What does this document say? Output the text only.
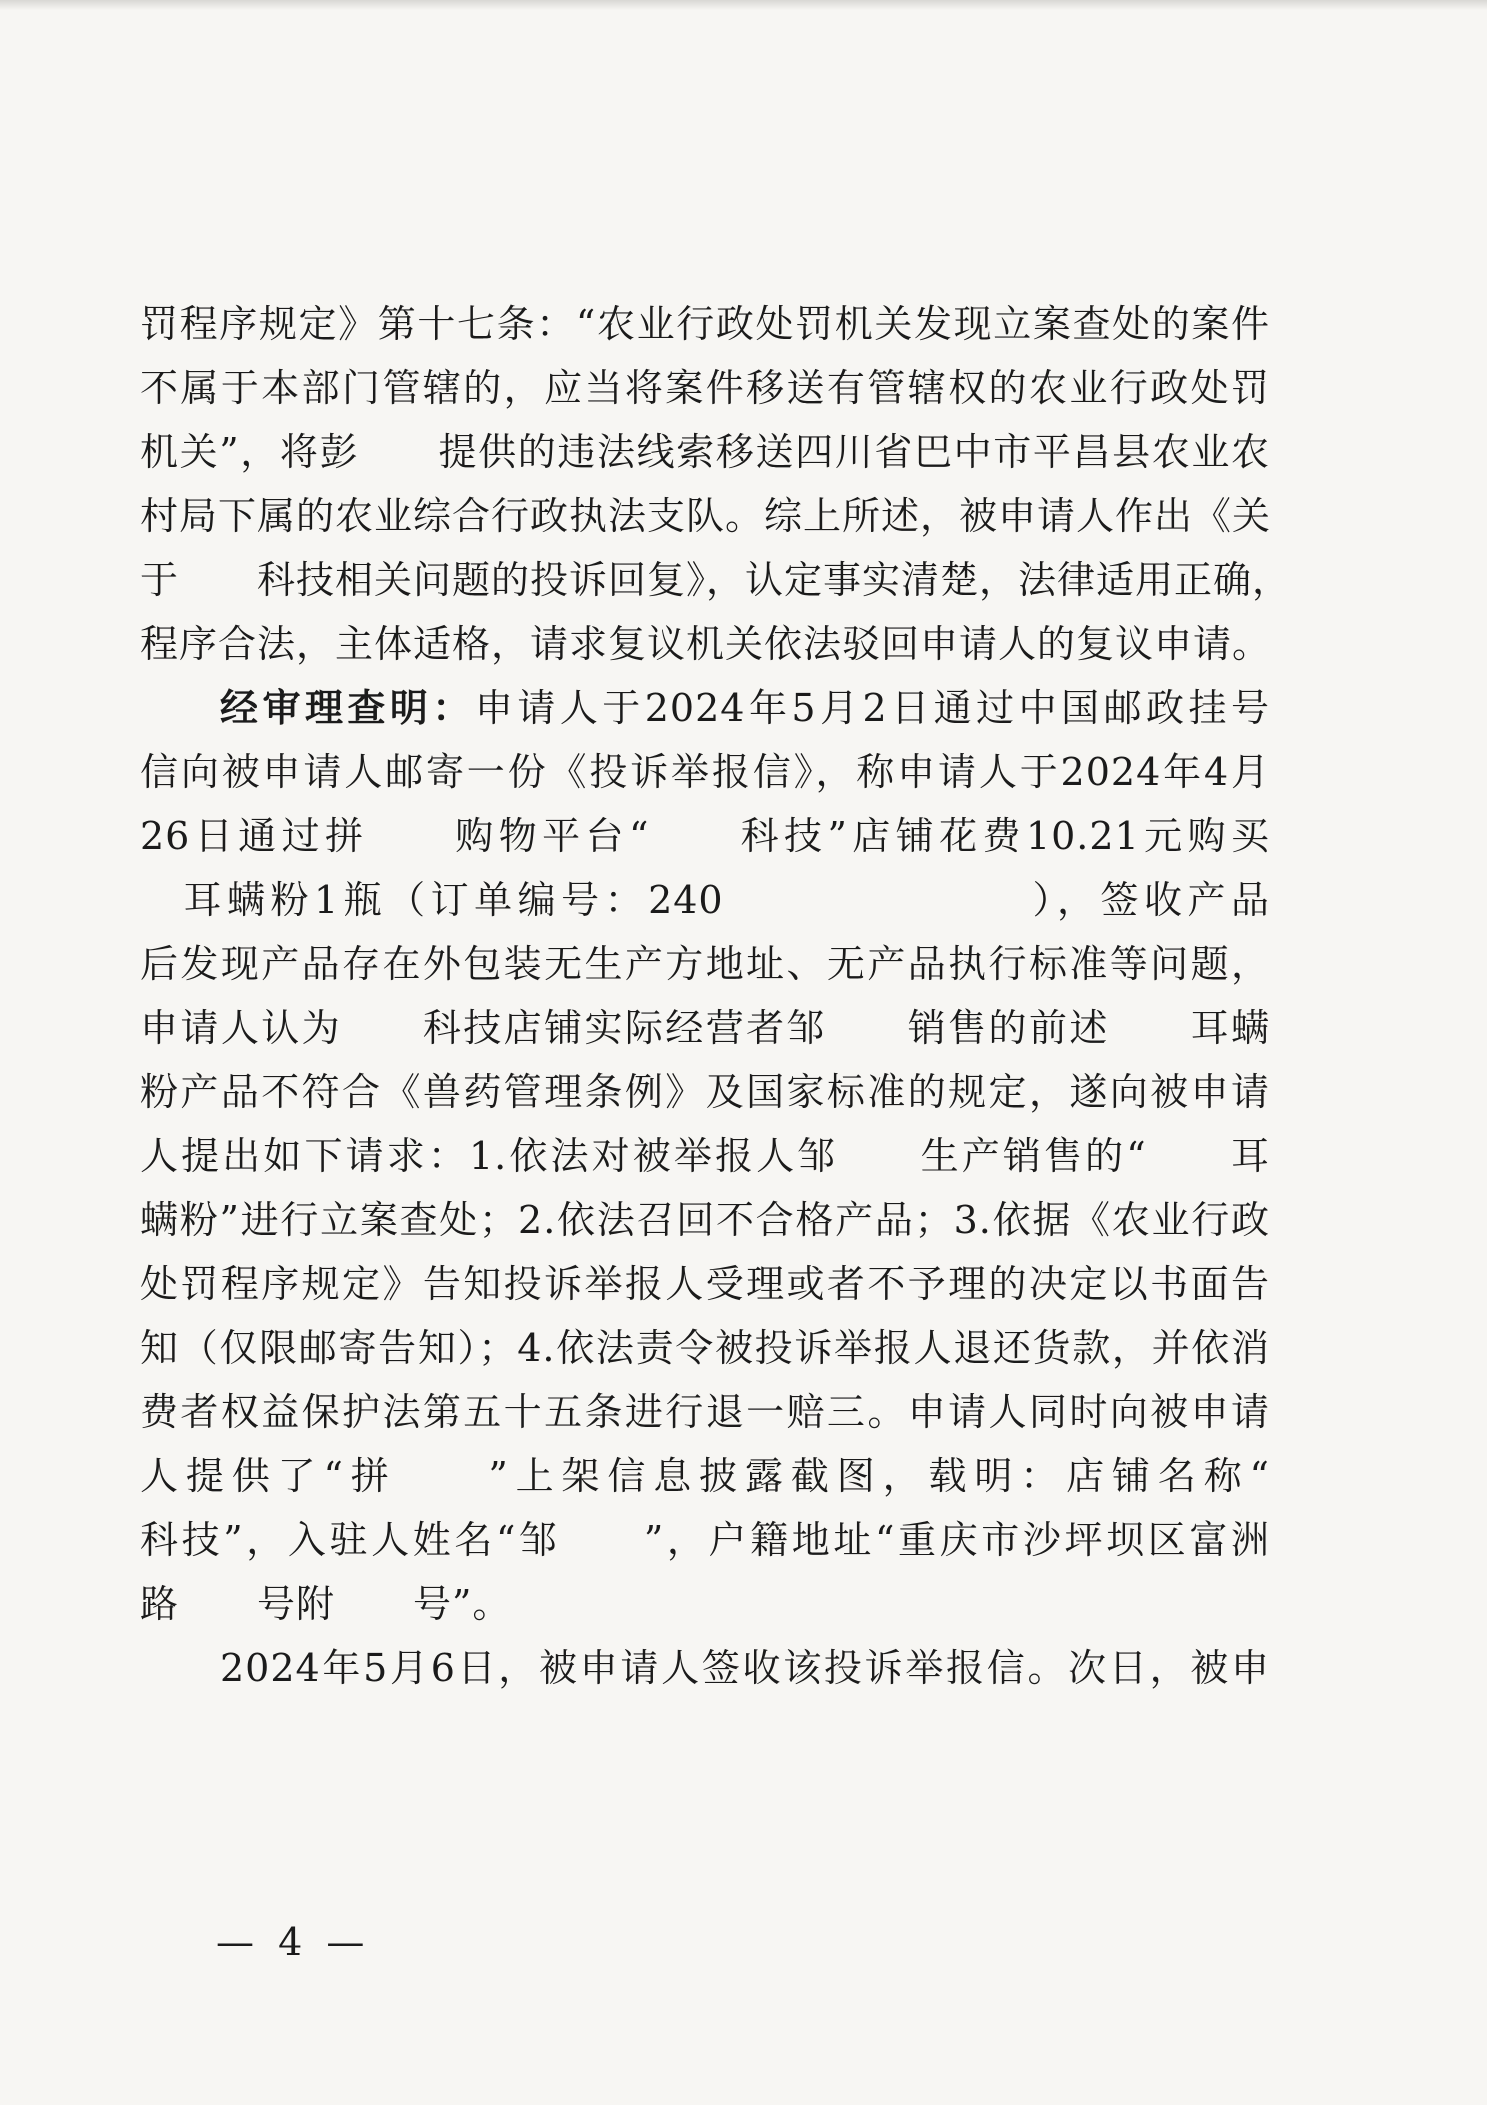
罚程序规定》第十七条：“农业行政处罚机关发现立案查处的案件
不属于本部门管辖的，应当将案件移送有管辖权的农业行政处罚
机关”，将彭　　提供的违法线索移送四川省巴中市平昌县农业农
村局下属的农业综合行政执法支队。综上所述，被申请人作出《关
于　　科技相关问题的投诉回复》，认定事实清楚，法律适用正确，
程序合法，主体适格，请求复议机关依法驳回申请人的复议申请。

经审理查明：申请人于2024年5月2日通过中国邮政挂号
信向被申请人邮寄一份《投诉举报信》，称申请人于2024年4月
26日通过拼　　购物平台“　　科技”店铺花费10.21元购买
　耳螨粉1瓶（订单编号：240　　　　　　　），签收产品
后发现产品存在外包装无生产方地址、无产品执行标准等问题，
申请人认为　　科技店铺实际经营者邹　　销售的前述　　耳螨
粉产品不符合《兽药管理条例》及国家标准的规定，遂向被申请
人提出如下请求：1.依法对被举报人邹　　生产销售的“　　耳
螨粉”进行立案查处；2.依法召回不合格产品；3.依据《农业行政
处罚程序规定》告知投诉举报人受理或者不予理的决定以书面告
知（仅限邮寄告知）；4.依法责令被投诉举报人退还货款，并依消
费者权益保护法第五十五条进行退一赔三。申请人同时向被申请
人提供了“拼　　”上架信息披露截图，载明：店铺名称“
科技”，入驻人姓名“邹　　”，户籍地址“重庆市沙坪坝区富洲
路　　号附　　号”。

2024年5月6日，被申请人签收该投诉举报信。次日，被申

— 4 —
